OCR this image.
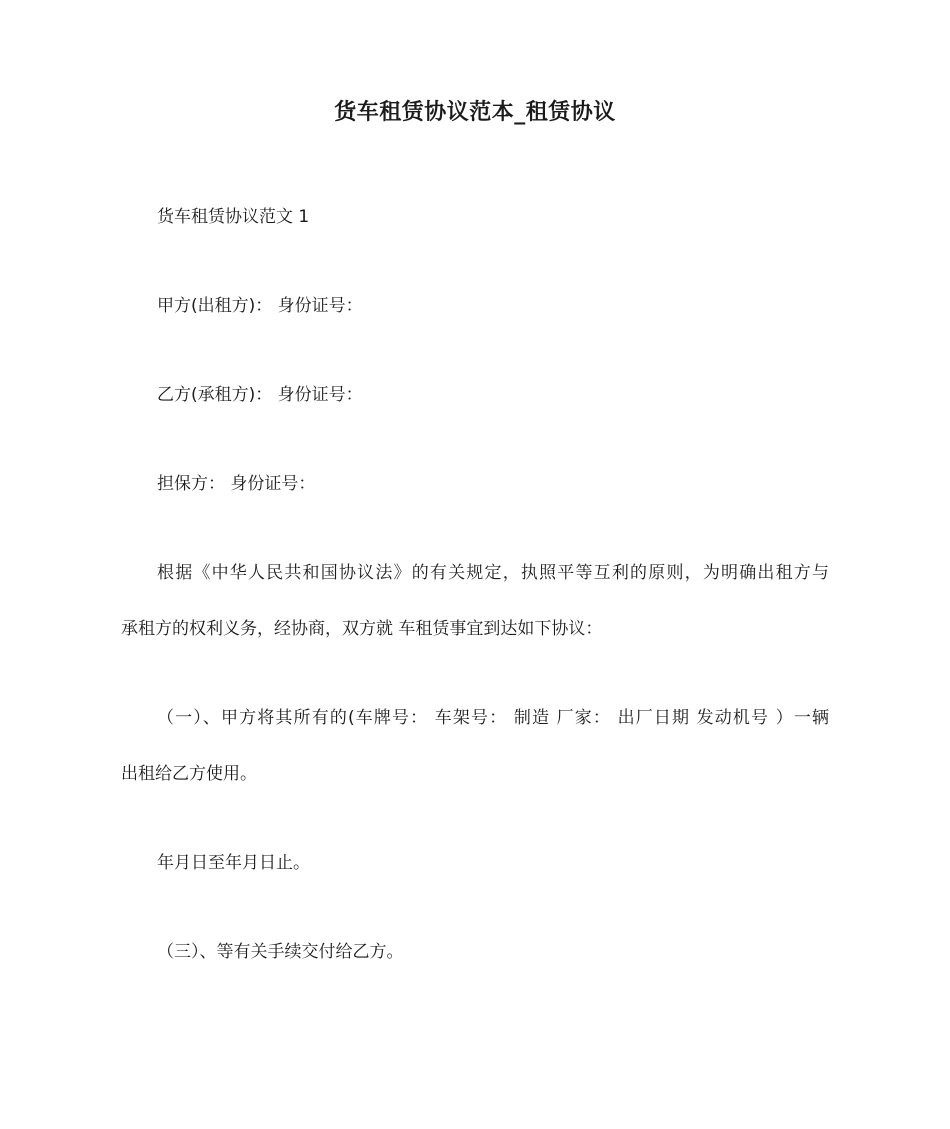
货车租赁协议范本_租赁协议
货车租赁协议范文 1
甲方(出租方)： 身份证号：
乙方(承租方)： 身份证号：
担保方： 身份证号：
根据《中华人民共和国协议法》的有关规定，执照平等互利的原则，为明确出租方与
承租方的权利义务，经协商，双方就 车租赁事宜到达如下协议：
（一）、甲方将其所有的(车牌号： 车架号： 制造 厂家： 出厂日期 发动机号 ）一辆
出租给乙方使用。
年月日至年月日止。
（三）、等有关手续交付给乙方。
